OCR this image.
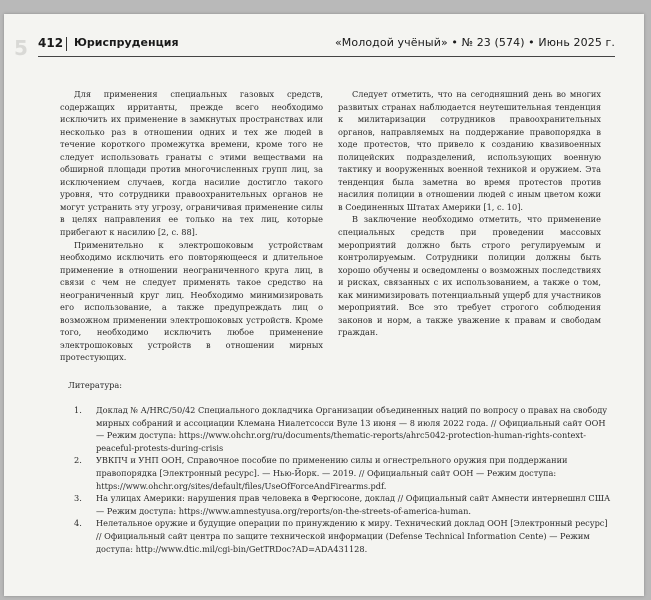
5 412 Юриспруденция	«Молодой учёный» • № 23 (574) • Июнь 2025 г.

Для применения специальных газовых средств, содержащих ирританты, прежде всего необходимо исключить их применение в замкнутых пространствах или несколько раз в отношении одних и тех же людей в течение короткого промежутка времени, кроме того не следует использовать гранаты с этими веществами на обширной площади против многочисленных групп лиц, за исключением случаев, когда насилие достигло такого уровня, что сотрудники правоохранительных органов не могут устранить эту угрозу, ограничивая применение силы в целях направления ее только на тех лиц, которые прибегают к насилию [2, с. 88].

Применительно к электрошоковым устройствам необходимо исключить его повторяющееся и длительное применение в отношении неограниченного круга лиц, в связи с чем не следует применять такое средство на неограниченный круг лиц. Необходимо минимизировать его использование, а также предупреждать лиц о возможном применении электрошоковых устройств. Кроме того, необходимо исключить любое применение электрошоковых устройств в отношении мирных протестующих.

Следует отметить, что на сегодняшний день во многих развитых странах наблюдается неутешительная тенденция к милитаризации сотрудников правоохранительных органов, направляемых на поддержание правопорядка в ходе протестов, что привело к созданию квазивоенных полицейских подразделений, использующих военную тактику и вооруженных военной техникой и оружием. Эта тенденция была заметна во время протестов против насилия полиции в отношении людей с иным цветом кожи в Соединенных Штатах Америки [1, с. 10].

В заключение необходимо отметить, что применение специальных средств при проведении массовых мероприятий должно быть строго регулируемым и контролируемым. Сотрудники полиции должны быть хорошо обучены и осведомлены о возможных последствиях и рисках, связанных с их использованием, а также о том, как минимизировать потенциальный ущерб для участников мероприятий. Все это требует строгого соблюдения законов и норм, а также уважение к правам и свободам граждан.

Литература:
1. Доклад № A/HRC/50/42 Специального докладчика Организации объединенных наций по вопросу о правах на свободу мирных собраний и ассоциации Клемана Ниалетсосси Вуле 13 июня — 8 июля 2022 года. // Официальный сайт ООН — Режим доступа: https://www.ohchr.org/ru/documents/thematic-reports/ahrc5042-protection-human-rights-context-peaceful-protests-during-crisis
2. УВКПЧ и УНП ООН, Справочное пособие по применению силы и огнестрельного оружия при поддержании правопорядка [Электронный ресурс]. — Нью-Йорк. — 2019. // Официальный сайт ООН — Режим доступа: https://www.ohchr.org/sites/default/files/UseOfForceAndFirearms.pdf.
3. На улицах Америки: нарушения прав человека в Фергюсоне, доклад // Официальный сайт Амнести интернешнл США — Режим доступа: https://www.amnestyusa.org/reports/on-the-streets-of-america-human.
4. Нелетальное оружие и будущие операции по принуждению к миру. Технический доклад ООН [Электронный ресурс] // Официальный сайт центра по защите технической информации (Defense Technical Information Cente) — Режим доступа: http://www.dtic.mil/cgi-bin/GetTRDoc?AD=ADA431128.
